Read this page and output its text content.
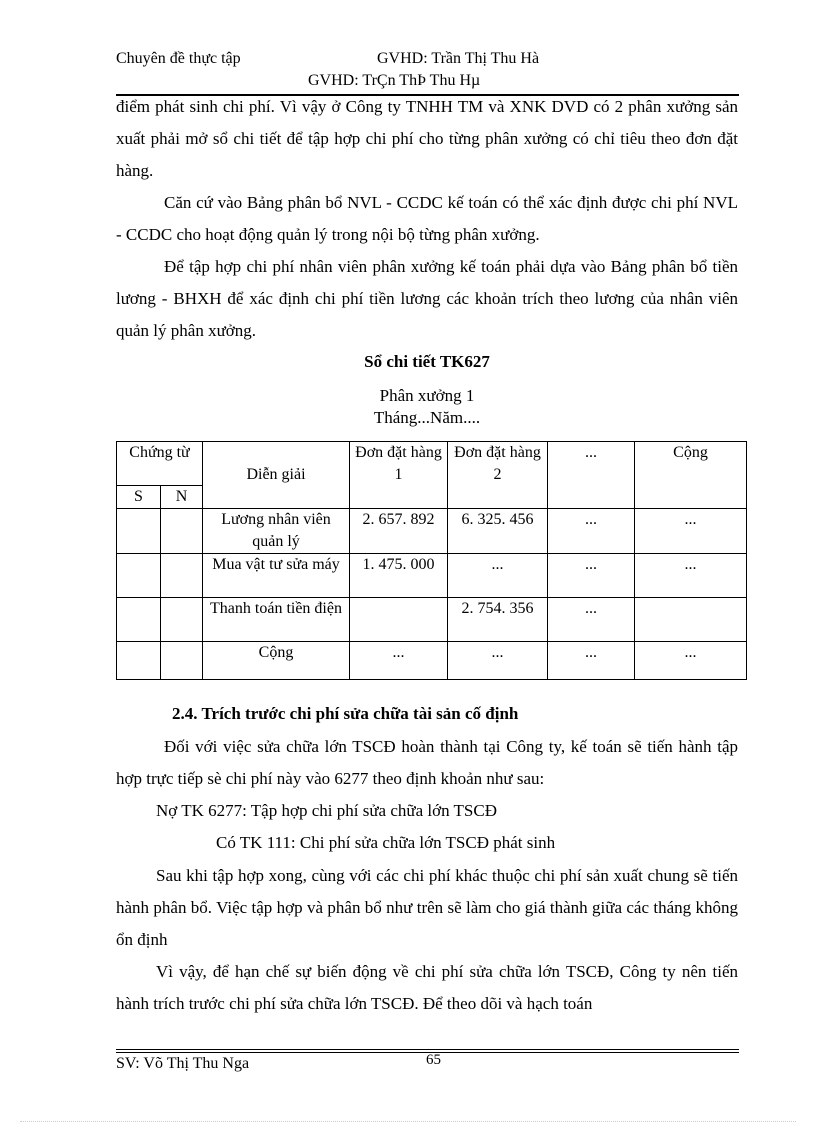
Chuyên đề thực tập	GVHD: Trần Thị Thu Hà
GVHD: TrÇn ThÞ Thu Hµ

điểm phát sinh chi phí. Vì vậy ở Công ty TNHH TM và XNK DVD có 2 phân xưởng sản xuất phải mở sổ chi tiết để tập hợp chi phí cho từng phân xưởng có chỉ tiêu theo đơn đặt hàng.

Căn cứ vào Bảng phân bổ NVL - CCDC kế toán có thể xác định được chi phí NVL - CCDC cho hoạt động quản lý trong nội bộ từng phân xưởng.

Để tập hợp chi phí nhân viên phân xưởng kế toán phải dựa vào Bảng phân bổ tiền lương - BHXH để xác định chi phí tiền lương các khoản trích theo lương của nhân viên quản lý phân xưởng.

Sổ chi tiết TK627

Phân xưởng 1

Tháng...Năm....

Chứng từ		Diễn giải	Đơn đặt hàng 1	Đơn đặt hàng 2	...	Cộng
S	N					
		Lương nhân viên quản lý	2. 657. 892	6. 325. 456	...	...
		Mua vật tư sửa máy	1. 475. 000	...	...	...
		Thanh toán tiền điện		2. 754. 356	...	
		Cộng	...	...	...	...
2.4. Trích trước chi phí sửa chữa tài sản cố định

Đối với việc sửa chữa lớn TSCĐ hoàn thành tại Công ty, kế toán sẽ tiến hành tập hợp trực tiếp sè chi phí này vào 6277 theo định khoản như sau:

Nợ TK 6277: Tập hợp chi phí sửa chữa lớn TSCĐ

Có TK 111: Chi phí sửa chữa lớn TSCĐ phát sinh

Sau khi tập hợp xong, cùng với các chi phí khác thuộc chi phí sản xuất chung sẽ tiến hành phân bổ. Việc tập hợp và phân bổ như trên sẽ làm cho giá thành giữa các tháng không ổn định

Vì vậy, để hạn chế sự biến động về chi phí sửa chữa lớn TSCĐ, Công ty nên tiến hành trích trước chi phí sửa chữa lớn TSCĐ. Để theo dõi và hạch toán

65
SV: Võ Thị Thu Nga
